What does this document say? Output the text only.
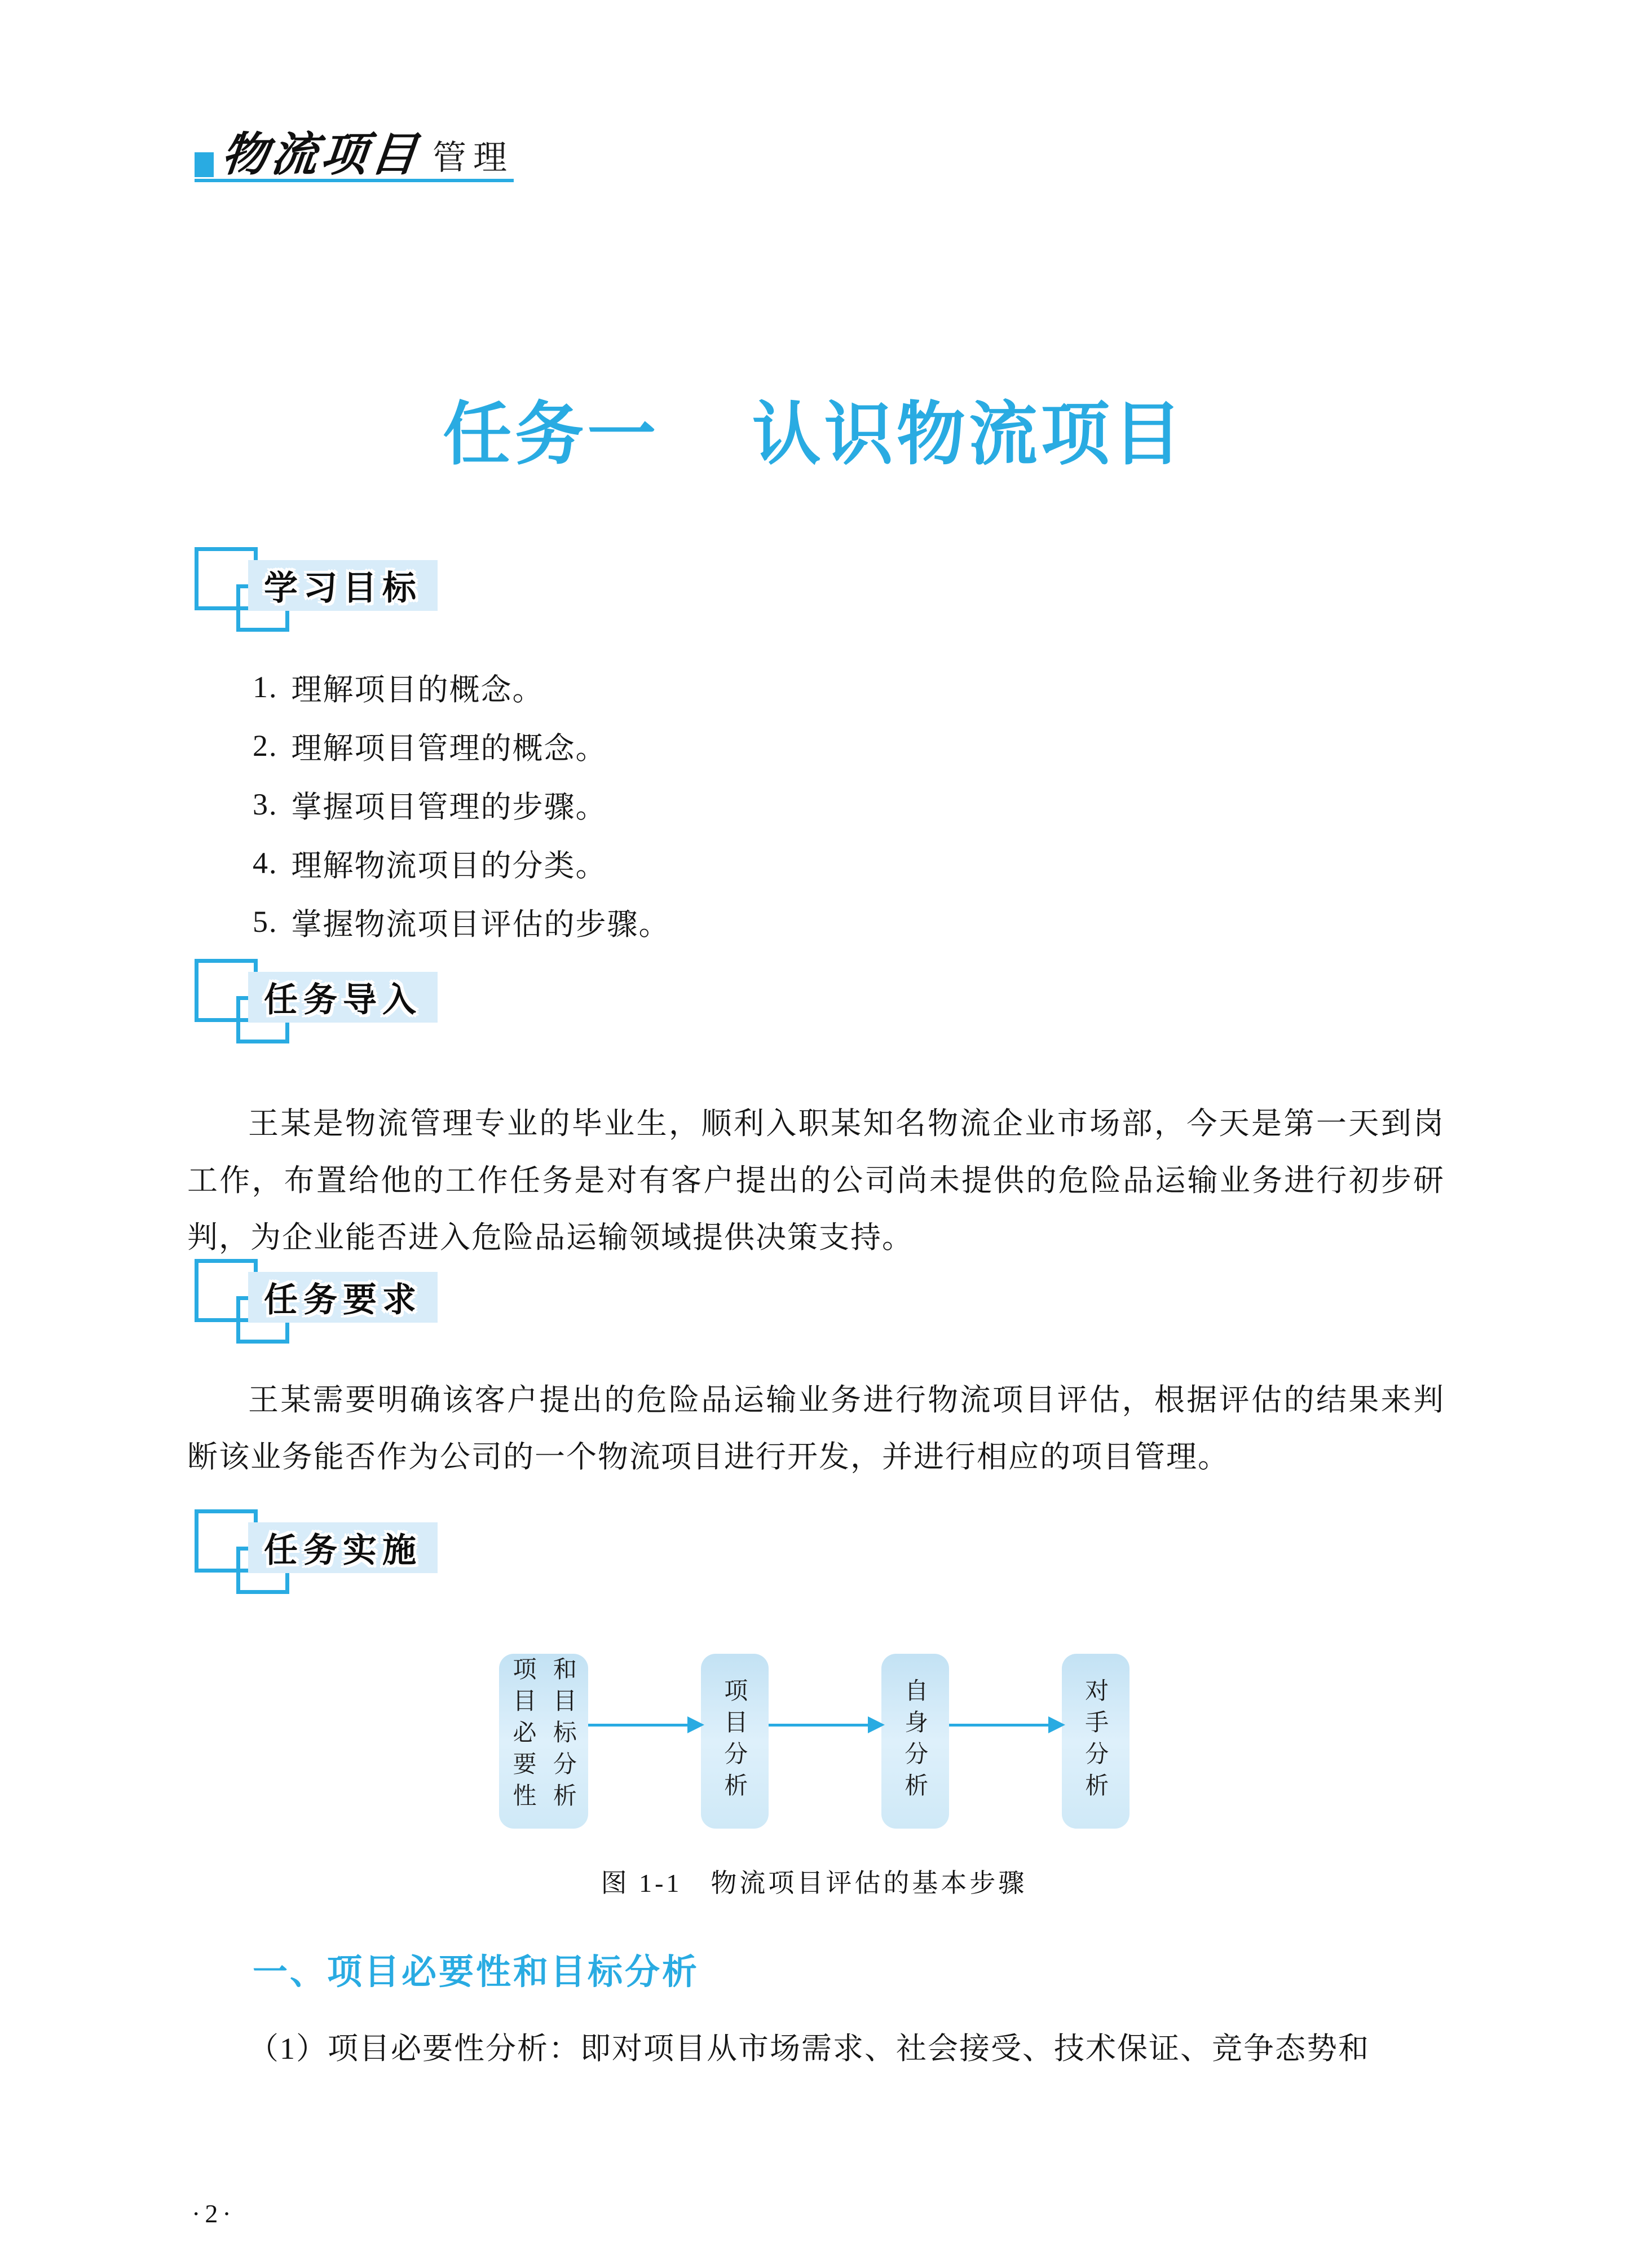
物流项目 管理
任务一 认识物流项目
学习目标
1. 理解项目的概念。
2. 理解项目管理的概念。
3. 掌握项目管理的步骤。
4. 理解物流项目的分类。
5. 掌握物流项目评估的步骤。
任务导入

王某是物流管理专业的毕业生，顺利入职某知名物流企业市场部，今天是第一天到岗工作，布置给他的工作任务是对有客户提出的公司尚未提供的危险品运输业务进行初步研判，为企业能否进入危险品运输领域提供决策支持。

任务要求

王某需要明确该客户提出的危险品运输业务进行物流项目评估，根据评估的结果来判断该业务能否作为公司的一个物流项目进行开发，并进行相应的项目管理。

任务实施
项目必要性和目标分析	项目分析	自身分析	对手分析
图 1-1　物流项目评估的基本步骤
一、项目必要性和目标分析

（1）项目必要性分析：即对项目从市场需求、社会接受、技术保证、竞争态势和

·2·
